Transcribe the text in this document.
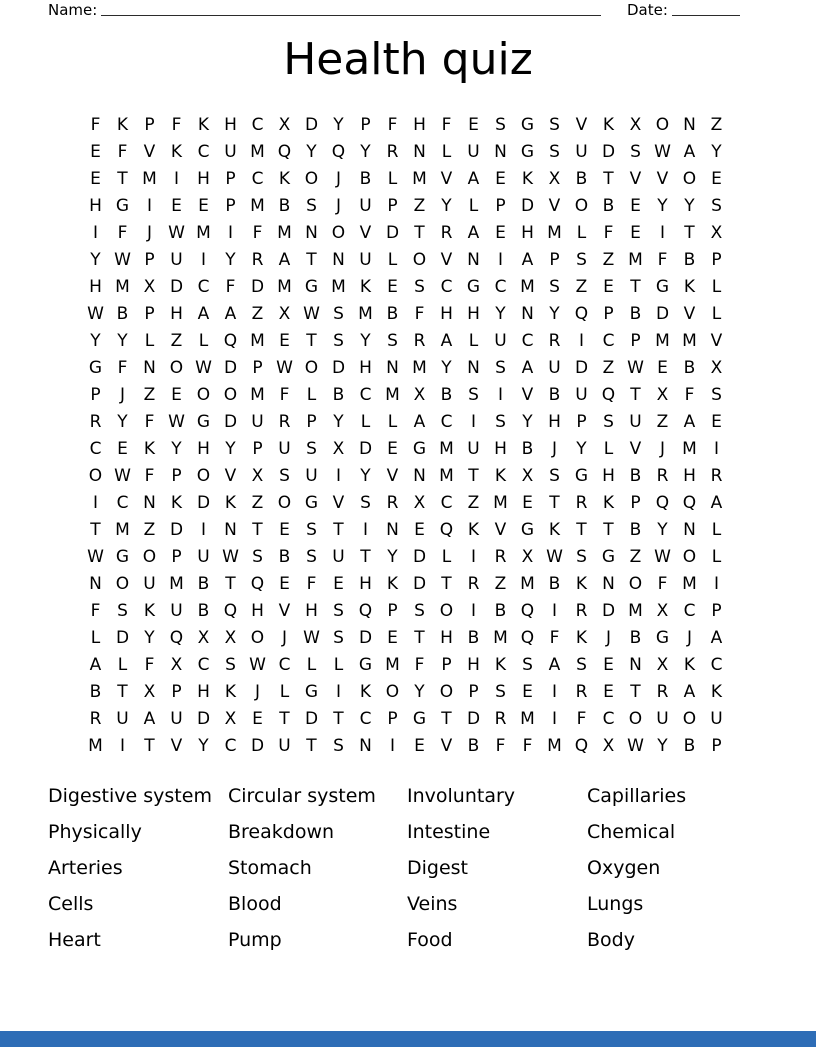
Name:	Date:
Health quiz
F K P F K H C X D Y P F H F E S G S V K X O N Z
E F V K C U M Q Y Q Y R N L U N G S U D S W A Y
E T M	I	H P C K O	J	B L M V A E K X B T V V O E
H G	I	E E P M B S	J	U P Z Y	L	P D V O B E Y Y S
I	F	J W M	I	F M N O V D T R A E H M L	F E	I	T X
Y W P U	I	Y R A T N U L O V N	I	A P S Z M F B P
H M X D C F D M G M K E S C G C M S Z E T G K L
W B P H A A Z X W S M B F H H Y N Y Q P B D V L
Y Y	L Z L Q M E T S Y S R A L U C R	I	C P M M V
G F N O W D P W O D H N M Y N S A U D Z W E B X
P	J	Z E O O M F	L B C M X B S	I	V B U Q T X F S
R Y F W G D U R P Y	L	L A C	I	S Y H P S U Z A E
C E K Y H Y P U S X D E G M U H B	J	Y	L V	J	M	I
O W F P O V X S U	I	Y V N M T K X S G H B R H R
I	C N K D K Z O G V S R X C Z M E T R K P Q Q A
T M Z D	I	N T E S T	I	N E Q K V G K T T B Y N L
W G O P U W S B S U T Y D L	I	R X W S G Z W O L
N O U M B T Q E F E H K D T R Z M B K N O F M	I
F S K U B Q H V H S Q P S O	I	B Q	I	R D M X C P
L D Y Q X X O	J W S D E T H B M Q F K	J	B G	J	A
A L	F X C S W C L	L G M F P H K S A S E N X K C
B T X P H K	J	L G	I	K O Y O P S E	I	R E T R A K
R U A U D X E T D T C P G T D R M	I	F C O U O U
M	I	T V Y C D U T S N	I	E V B F	F M Q X W Y B P
Digestive system
Physically
Arteries
Cells
Heart
Circular system
Breakdown
Stomach
Blood
Pump
Involuntary
Intestine
Digest
Veins
Food
Capillaries
Chemical
Oxygen
Lungs
Body
